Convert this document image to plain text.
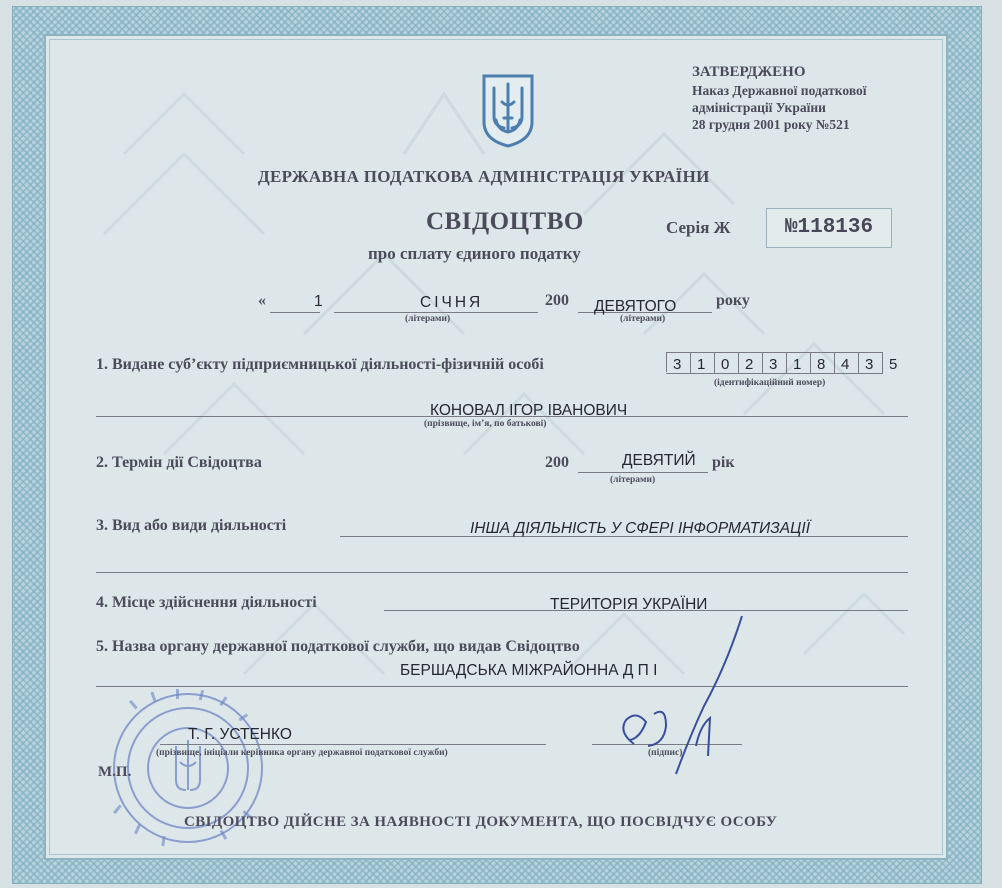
ЗАТВЕРДЖЕНО
Наказ Державної податкової
адміністрації України
28 грудня 2001 року №521
ДЕРЖАВНА ПОДАТКОВА АДМІНІСТРАЦІЯ УКРАЇНИ
СВІДОЦТВО	Серія Ж	№118136
про сплату єдиного податку
«	1	СІЧНЯ
(літерами)
200 ДЕВЯТОГО
(літерами)
року
1. Видане суб’єкту підприємницької діяльності-фізичній особі	3 1 0 2 3 1 8 4 3 5
(ідентифікаційний номер)
КОНОВАЛ ІГОР ІВАНОВИЧ
(прізвище, ім’я, по батькові)
2. Термін дії Свідоцтва	200	ДЕВЯТИЙ рік
(літерами)
3. Вид або види діяльності	ІНША ДІЯЛЬНІСТЬ У СФЕРІ ІНФОРМАТИЗАЦІЇ
4. Місце здійснення діяльності	ТЕРИТОРІЯ УКРАЇНИ
5. Назва органу державної податкової служби, що видав Свідоцтво
БЕРШАДСЬКА МІЖРАЙОННА Д П І
Т. Г. УСТЕНКО
(прізвище, ініціали керівника органу державної податкової служби)	(підпис)
М.П.
СВІДОЦТВО ДІЙСНЕ ЗА НАЯВНОСТІ ДОКУМЕНТА, ЩО ПОСВІДЧУЄ ОСОБУ
